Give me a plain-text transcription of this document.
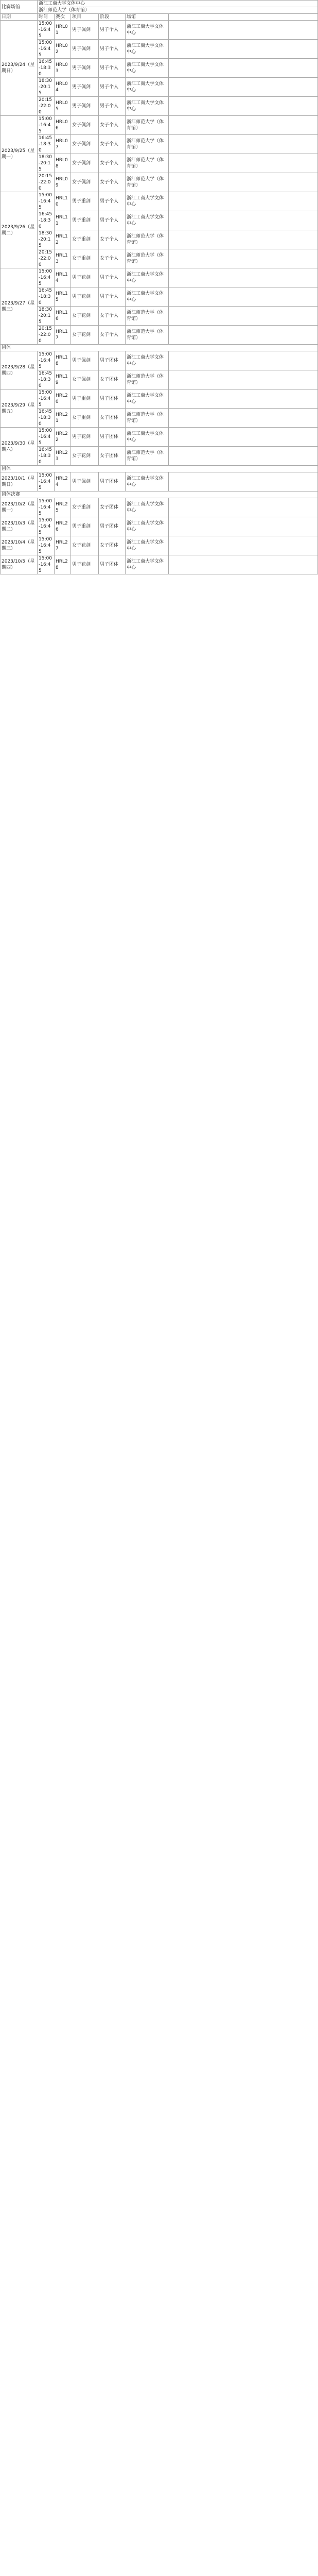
比赛场馆	浙江工商大学文体中心					
	浙江师范大学（体育馆）					
日期	时间	赛次	项目	阶段	场馆	
2023/9/24（星期日）	15:00-16:45	HRL01	男子佩剑	男子个人	浙江工商大学文体中心	
	15:00-16:45	HRL02	男子佩剑	男子个人	浙江工商大学文体中心	
	16:45-18:30	HRL03	男子佩剑	男子个人	浙江工商大学文体中心	
	18:30-20:15	HRL04	男子佩剑	男子个人	浙江工商大学文体中心	
	20:15-22:00	HRL05	男子佩剑	男子个人	浙江工商大学文体中心	
2023/9/25（星期一）	15:00-16:45	HRL06	女子佩剑	女子个人	浙江师范大学（体育馆）	
	16:45-18:30	HRL07	女子佩剑	女子个人	浙江师范大学（体育馆）	
	18:30-20:15	HRL08	女子佩剑	女子个人	浙江师范大学（体育馆）	
	20:15-22:00	HRL09	女子佩剑	女子个人	浙江师范大学（体育馆）	
2023/9/26（星期二）	15:00-16:45	HRL10	男子重剑	男子个人	浙江工商大学文体中心	
	16:45-18:30	HRL11	男子重剑	男子个人	浙江工商大学文体中心	
	18:30-20:15	HRL12	女子重剑	女子个人	浙江师范大学（体育馆）	
	20:15-22:00	HRL13	女子重剑	女子个人	浙江师范大学（体育馆）	
2023/9/27（星期三）	15:00-16:45	HRL14	男子花剑	男子个人	浙江工商大学文体中心	
	16:45-18:30	HRL15	男子花剑	男子个人	浙江工商大学文体中心	
	18:30-20:15	HRL16	女子花剑	女子个人	浙江师范大学（体育馆）	
	20:15-22:00	HRL17	女子花剑	女子个人	浙江师范大学（体育馆）	
团体						
2023/9/28（星期四）	15:00-16:45	HRL18	男子佩剑	男子团体	浙江工商大学文体中心	
	16:45-18:30	HRL19	女子佩剑	女子团体	浙江师范大学（体育馆）	
2023/9/29（星期五）	15:00-16:45	HRL20	男子重剑	男子团体	浙江工商大学文体中心	
	16:45-18:30	HRL21	女子重剑	女子团体	浙江师范大学（体育馆）	
2023/9/30（星期六）	15:00-16:45	HRL22	男子花剑	男子团体	浙江工商大学文体中心	
	16:45-18:30	HRL23	女子花剑	女子团体	浙江师范大学（体育馆）	
团体						
2023/10/1（星期日）	15:00-16:45	HRL24	男子佩剑	男子团体	浙江工商大学文体中心	
团体决赛						
2023/10/2（星期一）	15:00-16:45	HRL25	女子重剑	女子团体	浙江工商大学文体中心	
2023/10/3（星期二）	15:00-16:45	HRL26	男子重剑	男子团体	浙江工商大学文体中心	
2023/10/4（星期三）	15:00-16:45	HRL27	女子花剑	女子团体	浙江工商大学文体中心	
2023/10/5（星期四）	15:00-16:45	HRL28	男子花剑	男子团体	浙江工商大学文体中心	
